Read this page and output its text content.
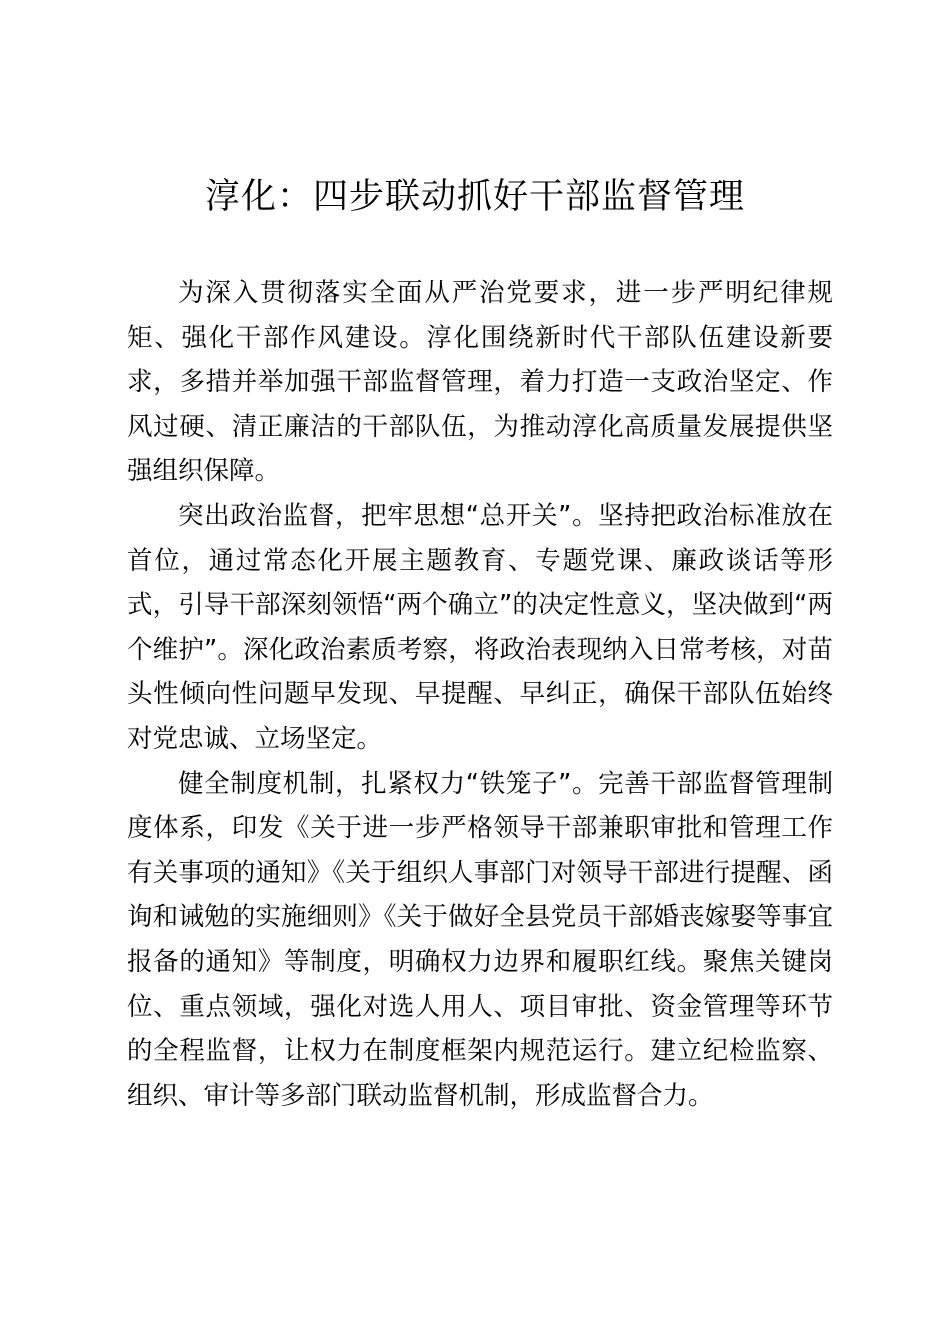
淳化：四步联动抓好干部监督管理

为深入贯彻落实全面从严治党要求，进一步严明纪律规矩、强化干部作风建设。淳化围绕新时代干部队伍建设新要求，多措并举加强干部监督管理，着力打造一支政治坚定、作风过硬、清正廉洁的干部队伍，为推动淳化高质量发展提供坚强组织保障。

突出政治监督，把牢思想“总开关”。坚持把政治标准放在首位，通过常态化开展主题教育、专题党课、廉政谈话等形式，引导干部深刻领悟“两个确立”的决定性意义，坚决做到“两个维护”。深化政治素质考察，将政治表现纳入日常考核，对苗头性倾向性问题早发现、早提醒、早纠正，确保干部队伍始终对党忠诚、立场坚定。

健全制度机制，扎紧权力“铁笼子”。完善干部监督管理制度体系，印发《关于进一步严格领导干部兼职审批和管理工作有关事项的通知》《关于组织人事部门对领导干部进行提醒、函询和诫勉的实施细则》《关于做好全县党员干部婚丧嫁娶等事宜报备的通知》等制度，明确权力边界和履职红线。聚焦关键岗位、重点领域，强化对选人用人、项目审批、资金管理等环节的全程监督，让权力在制度框架内规范运行。建立纪检监察、组织、审计等多部门联动监督机制，形成监督合力。
